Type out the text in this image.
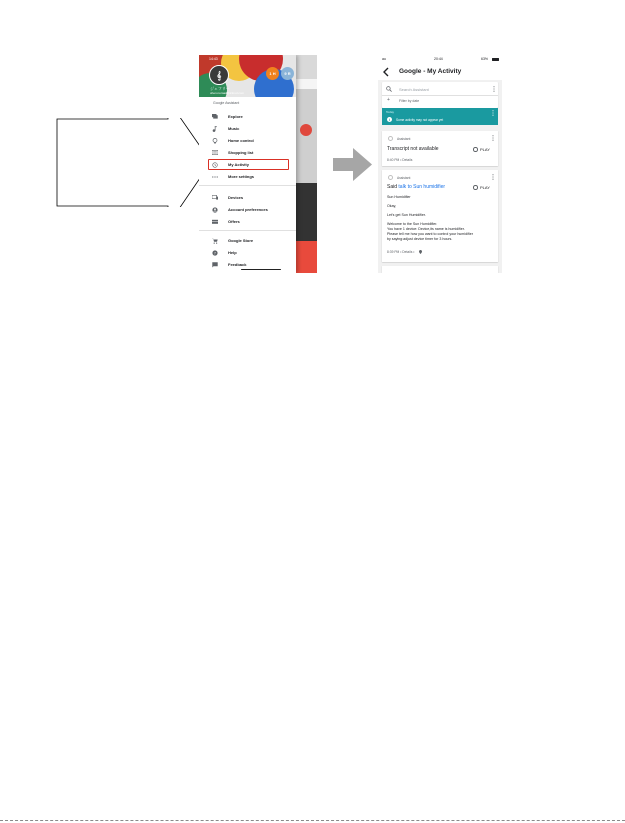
14:43
𝄞	1 H	9 R
ジェフリー
ohen.nomad@icloud.com
Google Assistant
Explore
Music
Home control
Shopping list
My Activity
More settings
Devices
Account preferences
Offers
Google Store
?	Help
Feedback
au	20:44	63%
Google - My Activity
Search Assistant
+	Filter by date
Today
i	Some activity may not appear yet
Assistant
Transcript not available	PLAY
8:40 PM • Details
Assistant
Said talk to Sun humidifier	PLAY
Sun Humidifier
Okay,
Let's get Sun Humidifier.
Welcome to the Sun Humidifier.
You have 1 device: Device,its name is humidifier.
Please tell me how you want to control your humidifier
by saying:adjust device timer for 3 hours.
8:39 PM • Details •
